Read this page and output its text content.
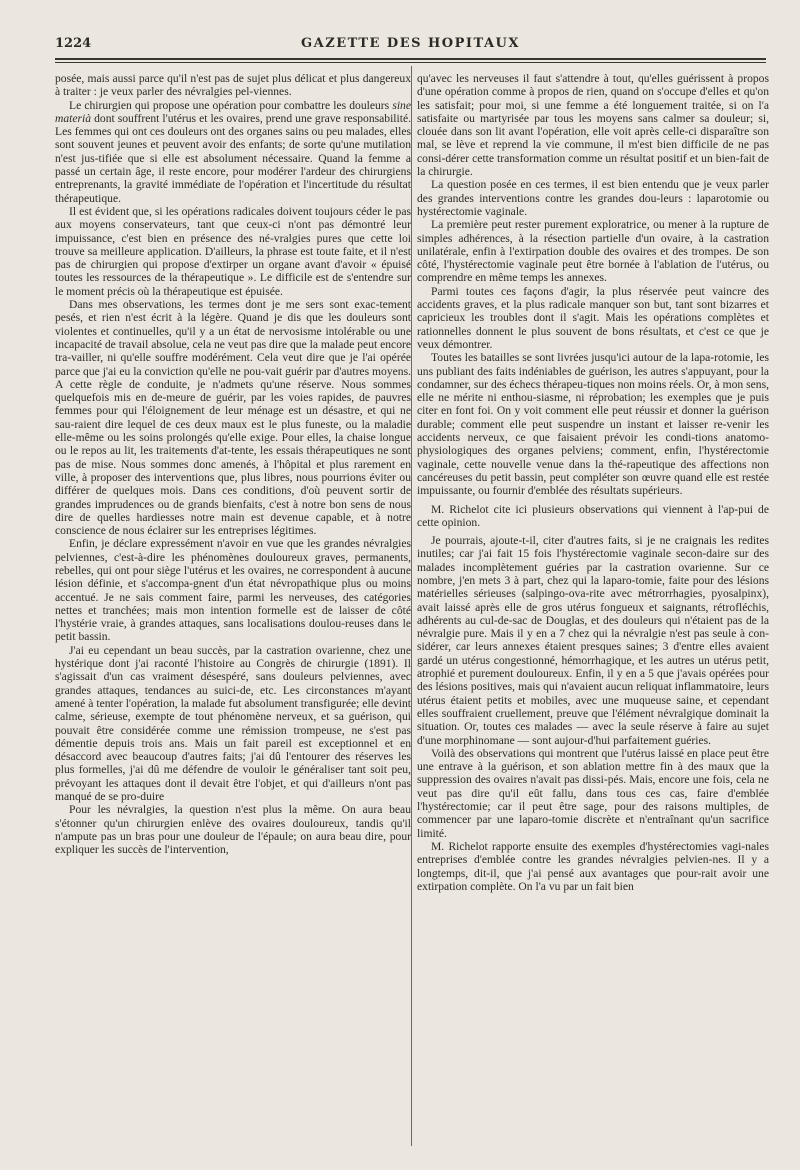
1224	GAZETTE DES HOPITAUX

posée, mais aussi parce qu'il n'est pas de sujet plus délicat et plus dangereux à traiter : je veux parler des névralgies pel-viennes.

Le chirurgien qui propose une opération pour combattre les douleurs sine materià dont souffrent l'utérus et les ovaires, prend une grave responsabilité. Les femmes qui ont ces douleurs ont des organes sains ou peu malades, elles sont souvent jeunes et peuvent avoir des enfants; de sorte qu'une mutilation n'est jus-tifiée que si elle est absolument nécessaire. Quand la femme a passé un certain âge, il reste encore, pour modérer l'ardeur des chirurgiens entreprenants, la gravité immédiate de l'opération et l'incertitude du résultat thérapeutique.

Il est évident que, si les opérations radicales doivent toujours céder le pas aux moyens conservateurs, tant que ceux-ci n'ont pas démontré leur impuissance, c'est bien en présence des né-vralgies pures que cette loi trouve sa meilleure application. D'ailleurs, la phrase est toute faite, et il n'est pas de chirurgien qui propose d'extirper un organe avant d'avoir « épuisé toutes les ressources de la thérapeutique ». Le difficile est de s'entendre sur le moment précis où la thérapeutique est épuisée.

Dans mes observations, les termes dont je me sers sont exac-tement pesés, et rien n'est écrit à la légère. Quand je dis que les douleurs sont violentes et continuelles, qu'il y a un état de nervosisme intolérable ou une incapacité de travail absolue, cela ne veut pas dire que la malade peut encore tra-vailler, ni qu'elle souffre modérément. Cela veut dire que je l'ai opérée parce que j'ai eu la conviction qu'elle ne pou-vait guérir par d'autres moyens. A cette règle de conduite, je n'admets qu'une réserve. Nous sommes quelquefois mis en de-meure de guérir, par les voies rapides, de pauvres femmes pour qui l'éloignement de leur ménage est un désastre, et qui ne sau-raient dire lequel de ces deux maux est le plus funeste, ou la maladie elle-même ou les soins prolongés qu'elle exige. Pour elles, la chaise longue ou le repos au lit, les traitements d'at-tente, les essais thérapeutiques ne sont pas de mise. Nous sommes donc amenés, à l'hôpital et plus rarement en ville, à proposer des interventions que, plus libres, nous pourrions éviter ou différer de quelques mois. Dans ces conditions, d'où peuvent sortir de grandes imprudences ou de grands bienfaits, c'est à notre bon sens de nous dire de quelles hardiesses notre main est devenue capable, et à notre conscience de nous éclairer sur les entreprises légitimes.

Enfin, je déclare expressément n'avoir en vue que les grandes névralgies pelviennes, c'est-à-dire les phénomènes douloureux graves, permanents, rebelles, qui ont pour siège l'utérus et les ovaires, ne correspondent à aucune lésion définie, et s'accompa-gnent d'un état névropathique plus ou moins accentué. Je ne sais comment faire, parmi les nerveuses, des catégories nettes et tranchées; mais mon intention formelle est de laisser de côté l'hystérie vraie, à grandes attaques, sans localisations doulou-reuses dans le petit bassin.

J'ai eu cependant un beau succès, par la castration ovarienne, chez une hystérique dont j'ai raconté l'histoire au Congrès de chirurgie (1891). Il s'agissait d'un cas vraiment désespéré, sans douleurs pelviennes, avec grandes attaques, tendances au suici-de, etc. Les circonstances m'ayant amené à tenter l'opération, la malade fut absolument transfigurée; elle devint calme, sérieuse, exempte de tout phénomène nerveux, et sa guérison, qui pouvait être considérée comme une rémission trompeuse, ne s'est pas démentie depuis trois ans. Mais un fait pareil est exceptionnel et en désaccord avec beaucoup d'autres faits; j'ai dû l'entourer des réserves les plus formelles, j'ai dû me défendre de vouloir le généraliser tant soit peu, prévoyant les attaques dont il devait être l'objet, et qui d'ailleurs n'ont pas manqué de se pro-duire

Pour les névralgies, la question n'est plus la même. On aura beau s'étonner qu'un chirurgien enlève des ovaires douloureux, tandis qu'il n'ampute pas un bras pour une douleur de l'épaule; on aura beau dire, pour expliquer les succès de l'intervention,

qu'avec les nerveuses il faut s'attendre à tout, qu'elles guérissent à propos d'une opération comme à propos de rien, quand on s'occupe d'elles et qu'on les satisfait; pour moi, si une femme a été longuement traitée, si on l'a satisfaite ou martyrisée par tous les moyens sans calmer sa douleur; si, clouée dans son lit avant l'opération, elle voit après celle-ci disparaître son mal, se lève et reprend la vie commune, il m'est bien difficile de ne pas consi-dérer cette transformation comme un résultat positif et un bien-fait de la chirurgie.

La question posée en ces termes, il est bien entendu que je veux parler des grandes interventions contre les grandes dou-leurs : laparotomie ou hystérectomie vaginale.

La première peut rester purement exploratrice, ou mener à la rupture de simples adhérences, à la résection partielle d'un ovaire, à la castration unilatérale, enfin à l'extirpation double des ovaires et des trompes. De son côté, l'hystérectomie vaginale peut être bornée à l'ablation de l'utérus, ou comprendre en même temps les annexes.

Parmi toutes ces façons d'agir, la plus réservée peut vaincre des accidents graves, et la plus radicale manquer son but, tant sont bizarres et capricieux les troubles dont il s'agit. Mais les opérations complètes et rationnelles donnent le plus souvent de bons résultats, et c'est ce que je veux démontrer.

Toutes les batailles se sont livrées jusqu'ici autour de la lapa-rotomie, les uns publiant des faits indéniables de guérison, les autres s'appuyant, pour la condamner, sur des échecs thérapeu-tiques non moins réels. Or, à mon sens, elle ne mérite ni enthou-siasme, ni réprobation; les exemples que je puis citer en font foi. On y voit comment elle peut réussir et donner la guérison durable; comment elle peut suspendre un instant et laisser re-venir les accidents nerveux, ce que faisaient prévoir les condi-tions anatomo-physiologiques des organes pelviens; comment, enfin, l'hystérectomie vaginale, cette nouvelle venue dans la thé-rapeutique des affections non cancéreuses du petit bassin, peut compléter son œuvre quand elle est restée impuissante, ou fournir d'emblée des résultats supérieurs.

M. Richelot cite ici plusieurs observations qui viennent à l'ap-pui de cette opinion.

Je pourrais, ajoute-t-il, citer d'autres faits, si je ne craignais les redites inutiles; car j'ai fait 15 fois l'hystérectomie vaginale secon-daire sur des malades incomplètement guéries par la castration ovarienne. Sur ce nombre, j'en mets 3 à part, chez qui la laparo-tomie, faite pour des lésions matérielles sérieuses (salpingo-ova-rite avec métrorrhagies, pyosalpinx), avait laissé après elle de gros utérus fongueux et saignants, rétrofléchis, adhérents au cul-de-sac de Douglas, et des douleurs qui n'étaient pas de la névralgie pure. Mais il y en a 7 chez qui la névralgie n'est pas seule à con-sidérer, car leurs annexes étaient presques saines; 3 d'entre elles avaient gardé un utérus congestionné, hémorrhagique, et les autres un utérus petit, atrophié et purement douloureux. Enfin, il y en a 5 que j'avais opérées pour des lésions positives, mais qui n'avaient aucun reliquat inflammatoire, leurs utérus étaient petits et mobiles, avec une muqueuse saine, et cependant elles souffraient cruellement, preuve que l'élément névralgique dominait la situation. Or, toutes ces malades — avec la seule réserve à faire au sujet d'une morphinomane — sont aujour-d'hui parfaitement guéries.

Voilà des observations qui montrent que l'utérus laissé en place peut être une entrave à la guérison, et son ablation mettre fin à des maux que la suppression des ovaires n'avait pas dissi-pés. Mais, encore une fois, cela ne veut pas dire qu'il eût fallu, dans tous ces cas, faire d'emblée l'hystérectomie; car il peut être sage, pour des raisons multiples, de commencer par une laparo-tomie discrète et n'entraînant qu'un sacrifice limité.

M. Richelot rapporte ensuite des exemples d'hystérectomies vagi-nales entreprises d'emblée contre les grandes névralgies pelvien-nes. Il y a longtemps, dit-il, que j'ai pensé aux avantages que pour-rait avoir une extirpation complète. On l'a vu par un fait bien
